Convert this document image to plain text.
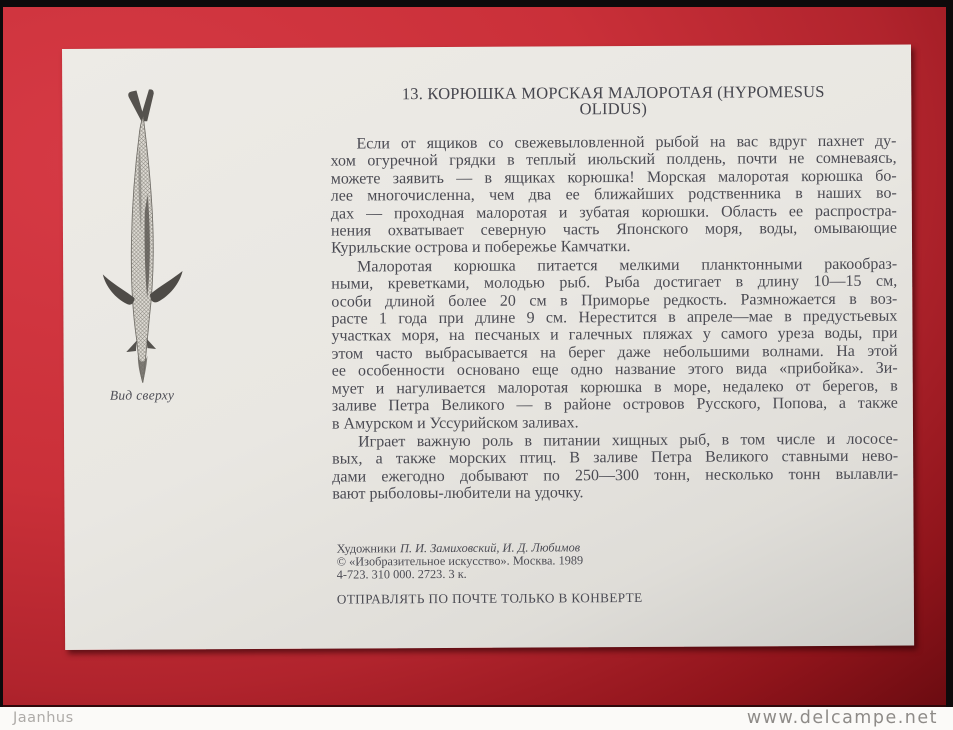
Вид сверху
13. КОРЮШКА МОРСКАЯ МАЛОРОТАЯ (HYPOMESUS
OLIDUS)
Если от ящиков со свежевыловленной рыбой на вас вдруг пахнет ду-
хом огуречной грядки в теплый июльский полдень, почти не сомневаясь,
можете заявить — в ящиках корюшка! Морская малоротая корюшка бо-
лее многочисленна, чем два ее ближайших родственника в наших во-
дах — проходная малоротая и зубатая корюшки. Область ее распростра-
нения охватывает северную часть Японского моря, воды, омывающие
Курильские острова и побережье Камчатки.
Малоротая корюшка питается мелкими планктонными ракообраз-
ными, креветками, молодью рыб. Рыба достигает в длину 10—15 см,
особи длиной более 20 см в Приморье редкость. Размножается в воз-
расте 1 года при длине 9 см. Нерестится в апреле—мае в предустьевых
участках моря, на песчаных и галечных пляжах у самого уреза воды, при
этом часто выбрасывается на берег даже небольшими волнами. На этой
ее особенности основано еще одно название этого вида «прибойка». Зи-
мует и нагуливается малоротая корюшка в море, недалеко от берегов, в
заливе Петра Великого — в районе островов Русского, Попова, а также
в Амурском и Уссурийском заливах.
Играет важную роль в питании хищных рыб, в том числе и лососе-
вых, а также морских птиц. В заливе Петра Великого ставными нево-
дами ежегодно добывают по 250—300 тонн, несколько тонн вылавли-
вают рыболовы-любители на удочку.
Художники П. И. Замиховский, И. Д. Любимов
© «Изобразительное искусство». Москва. 1989
4-723. 310 000. 2723. 3 к.
ОТПРАВЛЯТЬ ПО ПОЧТЕ ТОЛЬКО В КОНВЕРТЕ
Jaanhus	www.delcampe.net
